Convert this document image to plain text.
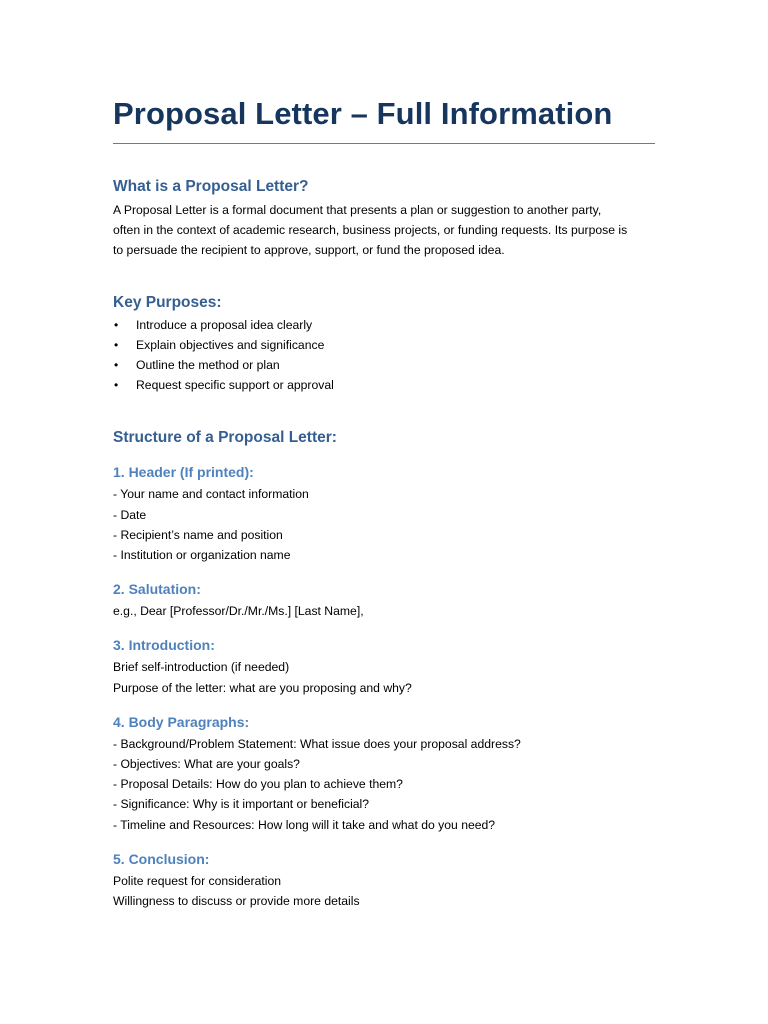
Proposal Letter – Full Information
What is a Proposal Letter?
A Proposal Letter is a formal document that presents a plan or suggestion to another party,
often in the context of academic research, business projects, or funding requests. Its purpose is
to persuade the recipient to approve, support, or fund the proposed idea.
Key Purposes:
• Introduce a proposal idea clearly
• Explain objectives and significance
• Outline the method or plan
• Request specific support or approval
Structure of a Proposal Letter:
1. Header (If printed):
- Your name and contact information
- Date
- Recipient’s name and position
- Institution or organization name
2. Salutation:
e.g., Dear [Professor/Dr./Mr./Ms.] [Last Name],
3. Introduction:
Brief self-introduction (if needed)
Purpose of the letter: what are you proposing and why?
4. Body Paragraphs:
- Background/Problem Statement: What issue does your proposal address?
- Objectives: What are your goals?
- Proposal Details: How do you plan to achieve them?
- Significance: Why is it important or beneficial?
- Timeline and Resources: How long will it take and what do you need?
5. Conclusion:
Polite request for consideration
Willingness to discuss or provide more details
